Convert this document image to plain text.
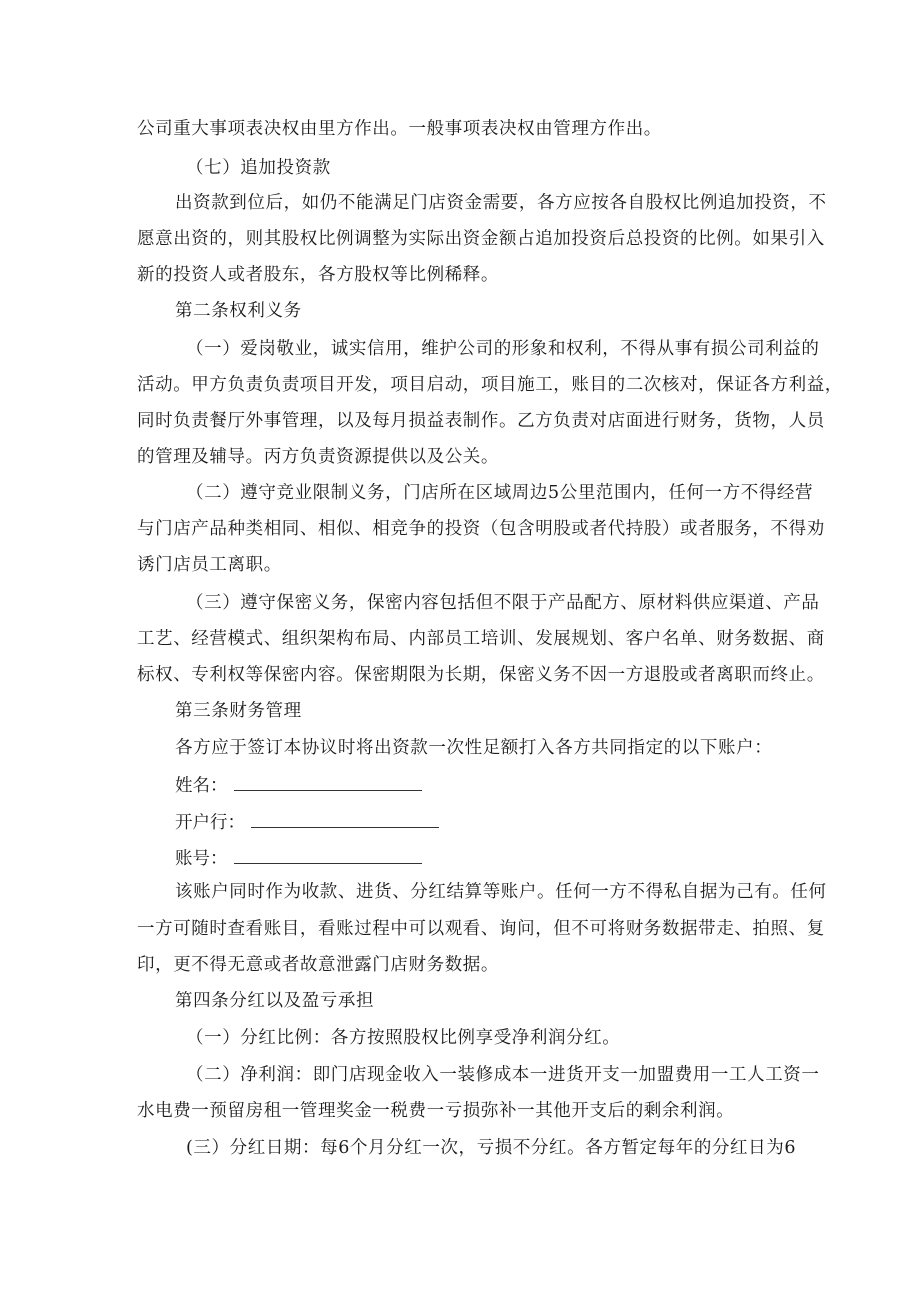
公司重大事项表决权由里方作出。一般事项表决权由管理方作出。
（七）追加投资款
出资款到位后，如仍不能满足门店资金需要，各方应按各自股权比例追加投资，不
愿意出资的，则其股权比例调整为实际出资金额占追加投资后总投资的比例。如果引入
新的投资人或者股东，各方股权等比例稀释。
第二条权利义务
（一）爱岗敬业，诚实信用，维护公司的形象和权利，不得从事有损公司利益的
活动。甲方负责负责项目开发，项目启动，项目施工，账目的二次核对，保证各方利益，
同时负责餐厅外事管理，以及每月损益表制作。乙方负责对店面进行财务，货物，人员
的管理及辅导。丙方负责资源提供以及公关。
（二）遵守竞业限制义务，门店所在区域周边5公里范围内，任何一方不得经营
与门店产品种类相同、相似、相竞争的投资（包含明股或者代持股）或者服务，不得劝
诱门店员工离职。
（三）遵守保密义务，保密内容包括但不限于产品配方、原材料供应渠道、产品
工艺、经营模式、组织架构布局、内部员工培训、发展规划、客户名单、财务数据、商
标权、专利权等保密内容。保密期限为长期，保密义务不因一方退股或者离职而终止。
第三条财务管理
各方应于签订本协议时将出资款一次性足额打入各方共同指定的以下账户：
姓名：
开户行：
账号：
该账户同时作为收款、进货、分红结算等账户。任何一方不得私自据为己有。任何
一方可随时查看账目，看账过程中可以观看、询问，但不可将财务数据带走、拍照、复
印，更不得无意或者故意泄露门店财务数据。
第四条分红以及盈亏承担
（一）分红比例：各方按照股权比例享受净利润分红。
（二）净利润：即门店现金收入一装修成本一进货开支一加盟费用一工人工资一
水电费一预留房租一管理奖金一税费一亏损弥补一其他开支后的剩余利润。
(三）分红日期：每6个月分红一次，亏损不分红。各方暂定每年的分红日为6
